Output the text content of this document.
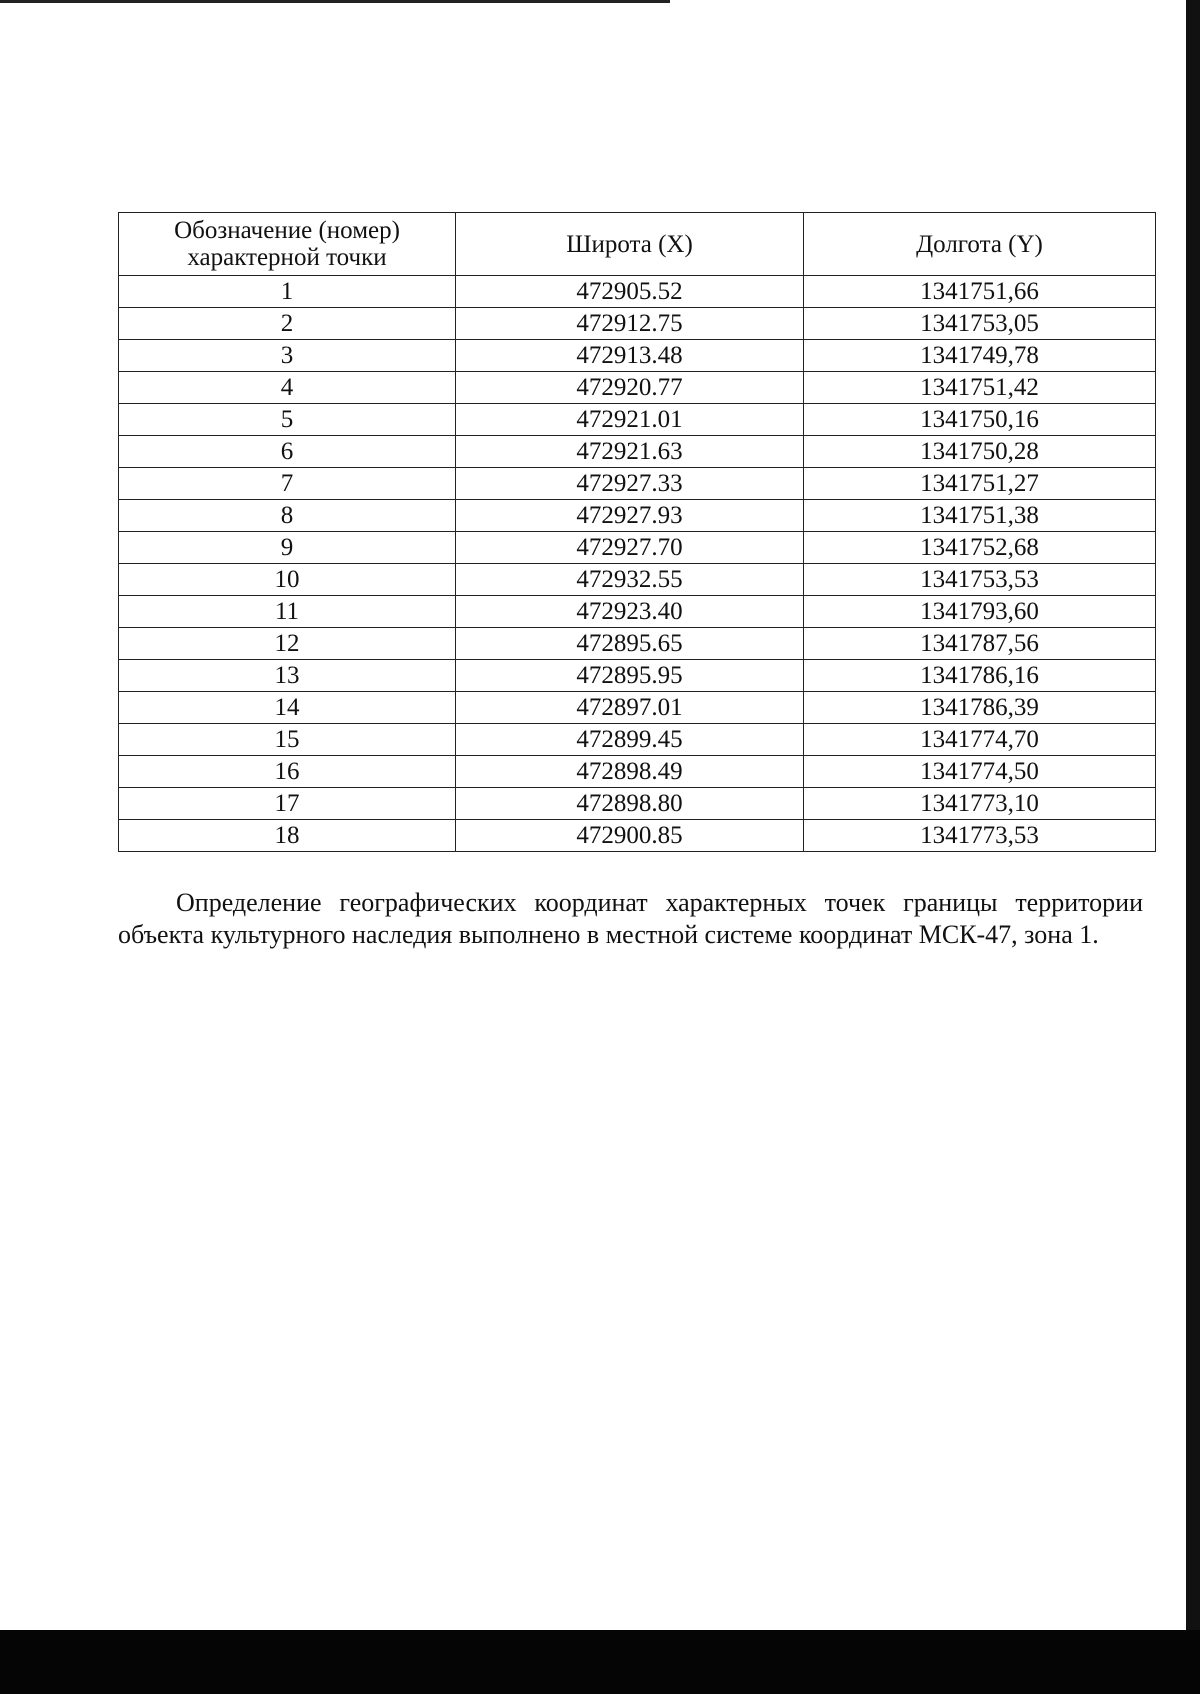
Обозначение (номер) характерной точки	Широта (X)	Долгота (Y)
1	472905.52	1341751,66
2	472912.75	1341753,05
3	472913.48	1341749,78
4	472920.77	1341751,42
5	472921.01	1341750,16
6	472921.63	1341750,28
7	472927.33	1341751,27
8	472927.93	1341751,38
9	472927.70	1341752,68
10	472932.55	1341753,53
11	472923.40	1341793,60
12	472895.65	1341787,56
13	472895.95	1341786,16
14	472897.01	1341786,39
15	472899.45	1341774,70
16	472898.49	1341774,50
17	472898.80	1341773,10
18	472900.85	1341773,53

Определение географических координат характерных точек границы территории объекта культурного наследия выполнено в местной системе координат МСК-47, зона 1.
